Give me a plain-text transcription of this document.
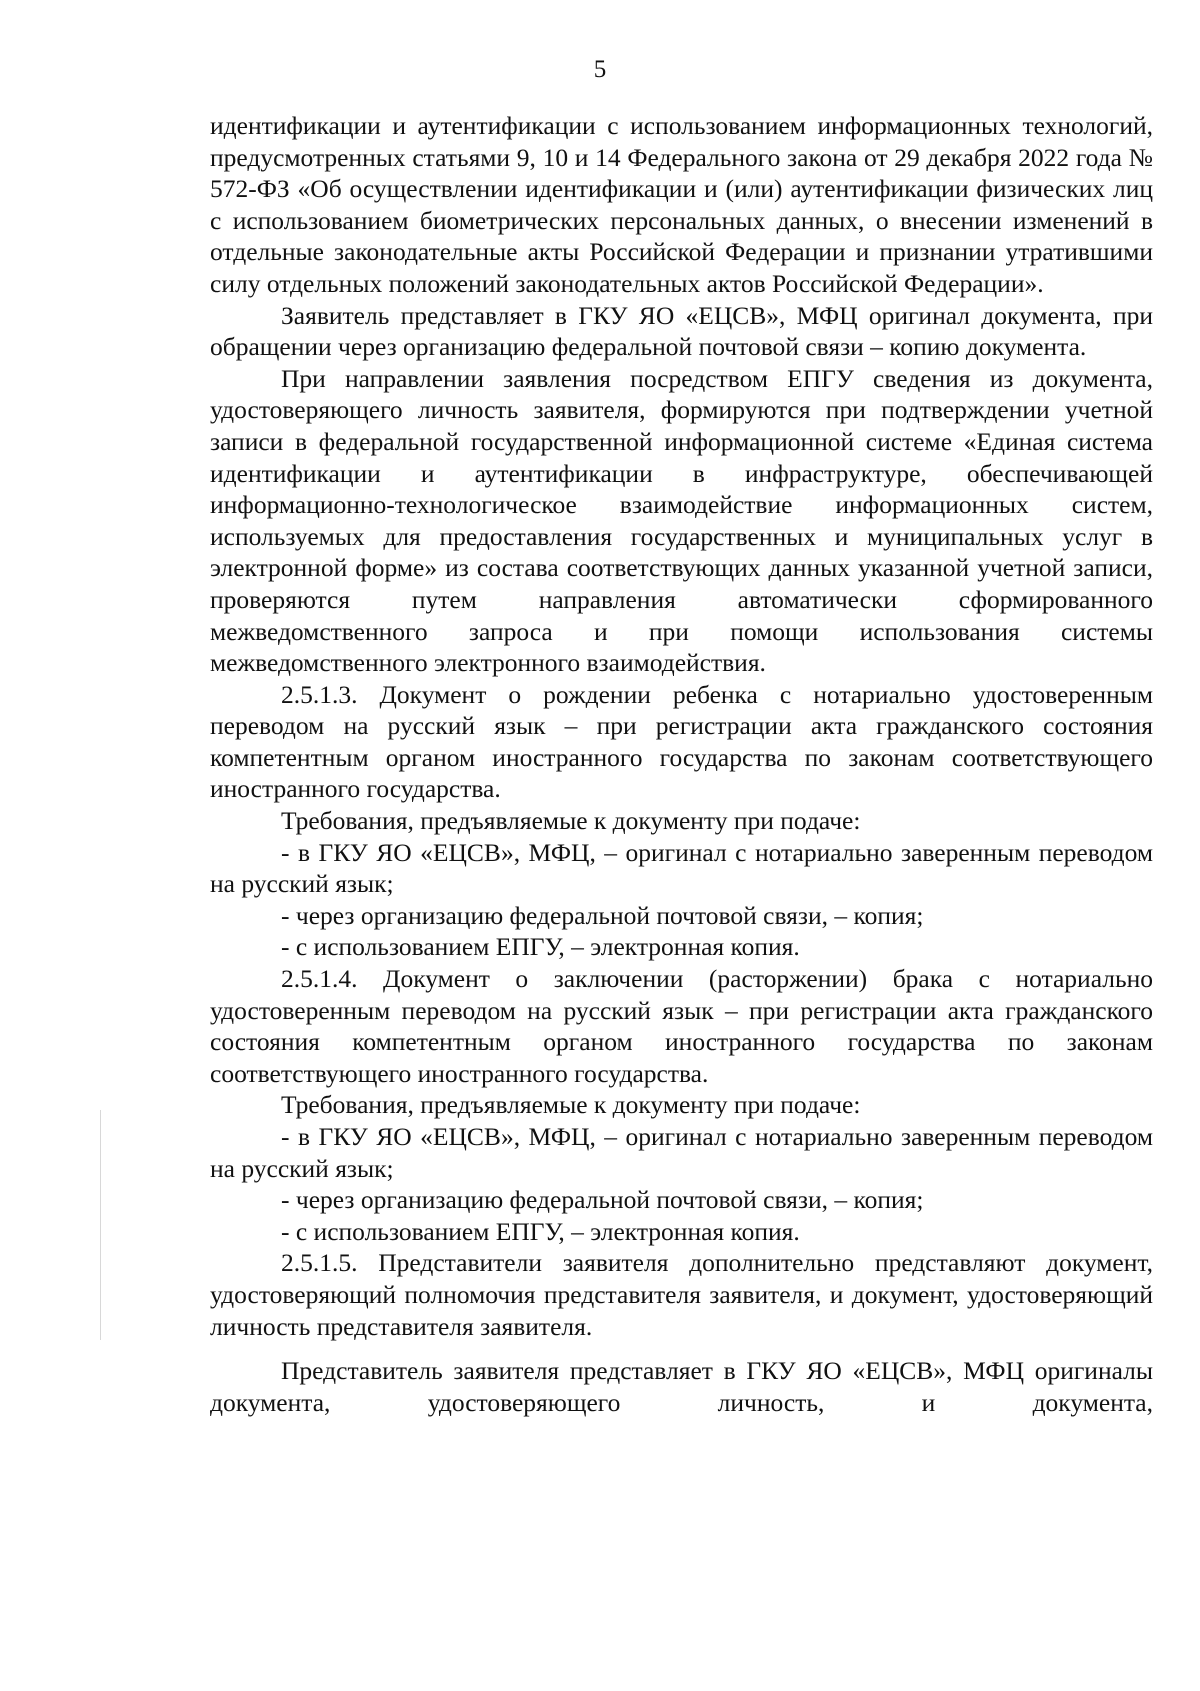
5

идентификации и аутентификации с использованием информационных технологий, предусмотренных статьями 9, 10 и 14 Федерального закона от 29 декабря 2022 года № 572-ФЗ «Об осуществлении идентификации и (или) аутентификации физических лиц с использованием биометрических персональных данных, о внесении изменений в отдельные законодательные акты Российской Федерации и признании утратившими силу отдельных положений законодательных актов Российской Федерации».

Заявитель представляет в ГКУ ЯО «ЕЦСВ», МФЦ оригинал документа, при обращении через организацию федеральной почтовой связи – копию документа.

При направлении заявления посредством ЕПГУ сведения из документа, удостоверяющего личность заявителя, формируются при подтверждении учетной записи в федеральной государственной информационной системе «Единая система идентификации и аутентификации в инфраструктуре, обеспечивающей информационно-технологическое взаимодействие информационных систем, используемых для предоставления государственных и муниципальных услуг в электронной форме» из состава соответствующих данных указанной учетной записи, проверяются путем направления автоматически сформированного межведомственного запроса и при помощи использования системы межведомственного электронного взаимодействия.

2.5.1.3. Документ о рождении ребенка с нотариально удостоверенным переводом на русский язык – при регистрации акта гражданского состояния компетентным органом иностранного государства по законам соответствующего иностранного государства.

Требования, предъявляемые к документу при подаче:

- в ГКУ ЯО «ЕЦСВ», МФЦ, – оригинал с нотариально заверенным переводом на русский язык;

- через организацию федеральной почтовой связи, – копия;

- с использованием ЕПГУ, – электронная копия.

2.5.1.4. Документ о заключении (расторжении) брака с нотариально удостоверенным переводом на русский язык – при регистрации акта гражданского состояния компетентным органом иностранного государства по законам соответствующего иностранного государства.

Требования, предъявляемые к документу при подаче:

- в ГКУ ЯО «ЕЦСВ», МФЦ, – оригинал с нотариально заверенным переводом на русский язык;

- через организацию федеральной почтовой связи, – копия;

- с использованием ЕПГУ, – электронная копия.

2.5.1.5. Представители заявителя дополнительно представляют документ, удостоверяющий полномочия представителя заявителя, и документ, удостоверяющий личность представителя заявителя.

Представитель заявителя представляет в ГКУ ЯО «ЕЦСВ», МФЦ оригиналы документа, удостоверяющего личность, и документа,
